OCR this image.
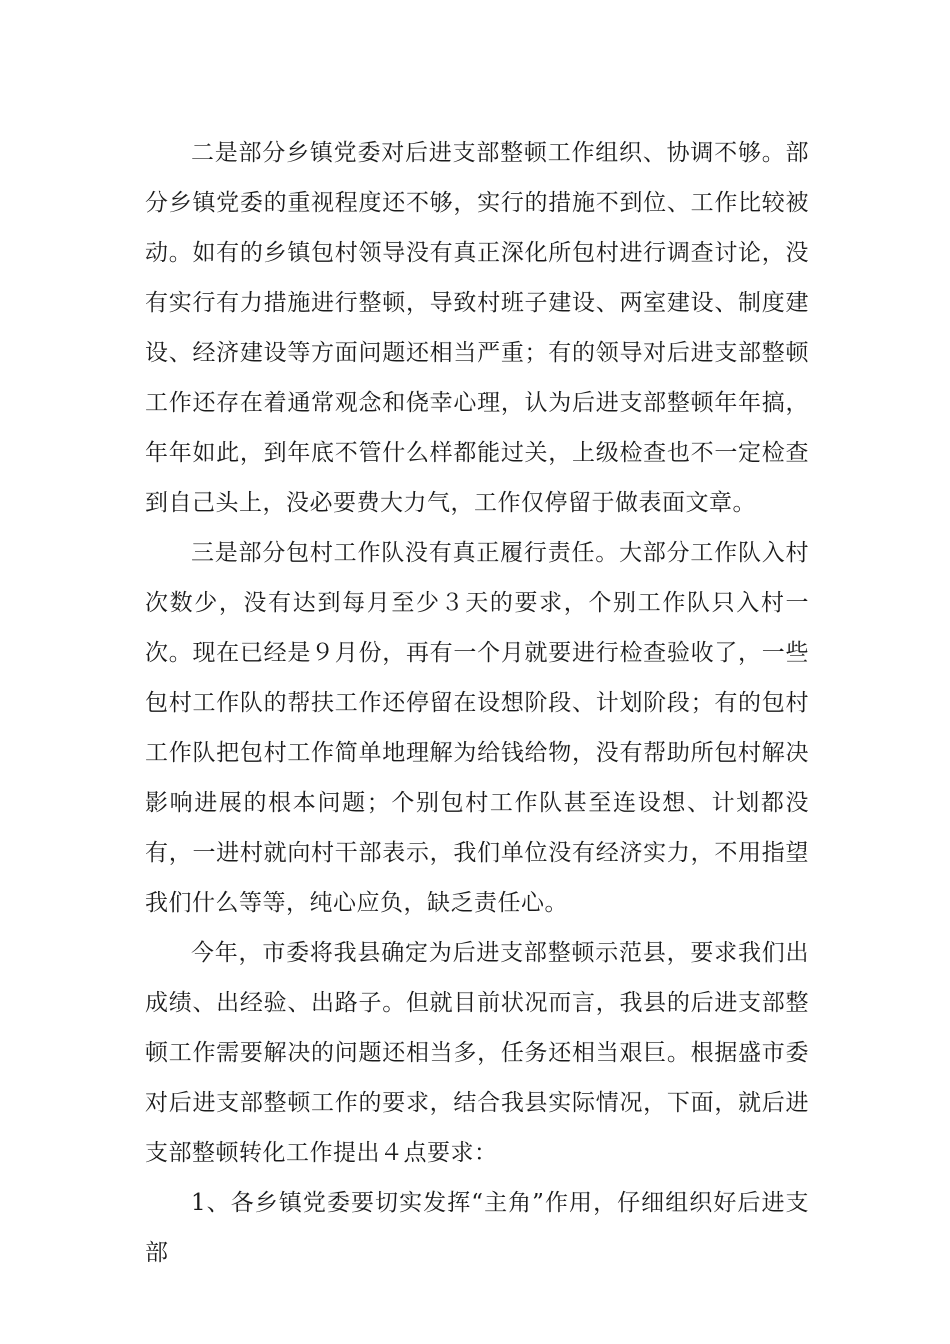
二是部分乡镇党委对后进支部整顿工作组织、协调不够。部分乡镇党委的重视程度还不够，实行的措施不到位、工作比较被动。如有的乡镇包村领导没有真正深化所包村进行调查讨论，没有实行有力措施进行整顿，导致村班子建设、两室建设、制度建设、经济建设等方面问题还相当严重；有的领导对后进支部整顿工作还存在着通常观念和侥幸心理，认为后进支部整顿年年搞，年年如此，到年底不管什么样都能过关，上级检查也不一定检查到自己头上，没必要费大力气，工作仅停留于做表面文章。

三是部分包村工作队没有真正履行责任。大部分工作队入村次数少，没有达到每月至少３天的要求，个别工作队只入村一次。现在已经是９月份，再有一个月就要进行检查验收了，一些包村工作队的帮扶工作还停留在设想阶段、计划阶段；有的包村工作队把包村工作简单地理解为给钱给物，没有帮助所包村解决影响进展的根本问题；个别包村工作队甚至连设想、计划都没有，一进村就向村干部表示，我们单位没有经济实力，不用指望我们什么等等，纯心应负，缺乏责任心。

今年，市委将我县确定为后进支部整顿示范县，要求我们出成绩、出经验、出路子。但就目前状况而言，我县的后进支部整顿工作需要解决的问题还相当多，任务还相当艰巨。根据盛市委对后进支部整顿工作的要求，结合我县实际情况，下面，就后进支部整顿转化工作提出４点要求：

1、各乡镇党委要切实发挥“主角”作用，仔细组织好后进支部
